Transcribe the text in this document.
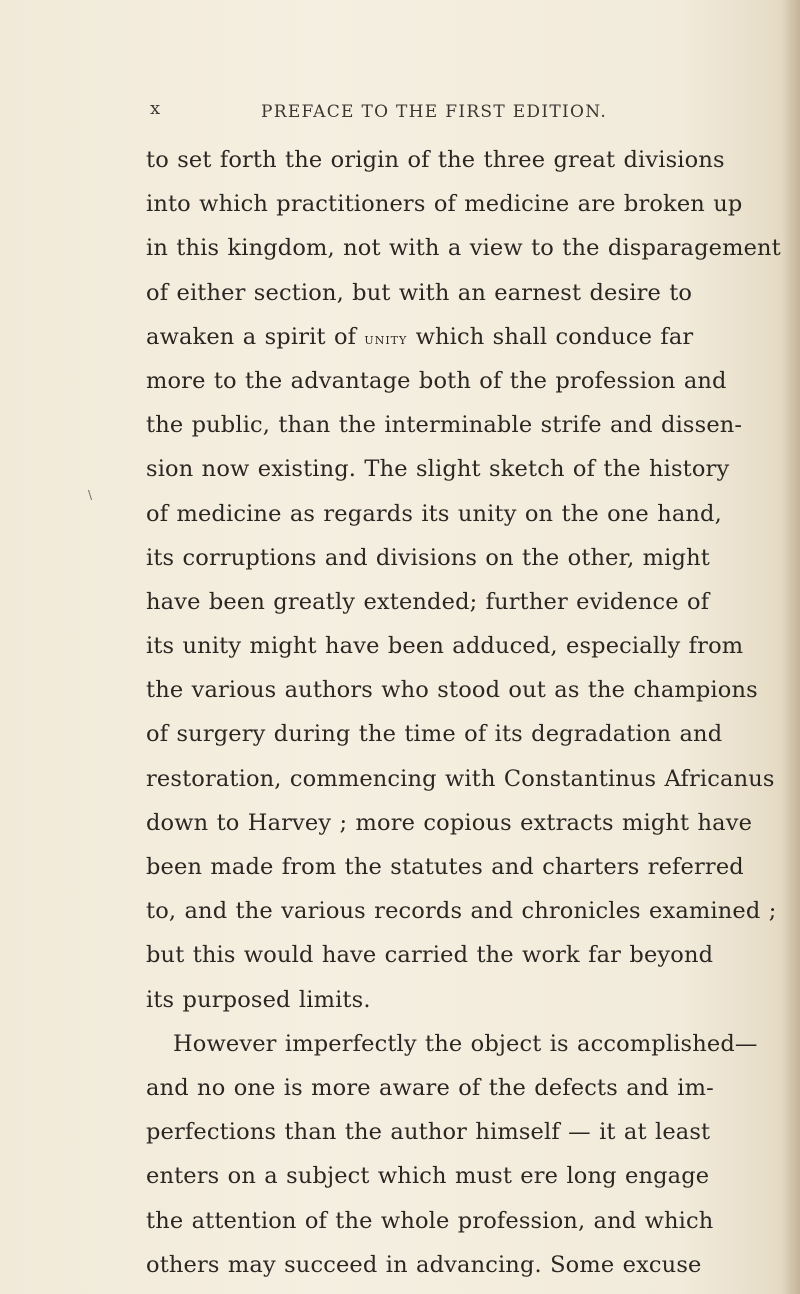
x	PREFACE TO THE FIRST EDITION.
to set forth the origin of the three great divisions
into which practitioners of medicine are broken up
in this kingdom, not with a view to the disparagement
of either section, but with an earnest desire to
awaken a spirit of unity which shall conduce far
more to the advantage both of the profession and
the public, than the interminable strife and dissen-
sion now existing. The slight sketch of the history
of medicine as regards its unity on the one hand,
its corruptions and divisions on the other, might
have been greatly extended; further evidence of
its unity might have been adduced, especially from
the various authors who stood out as the champions
of surgery during the time of its degradation and
restoration, commencing with Constantinus Africanus
down to Harvey ; more copious extracts might have
been made from the statutes and charters referred
to, and the various records and chronicles examined ;
but this would have carried the work far beyond
its purposed limits.
However imperfectly the object is accomplished—
and no one is more aware of the defects and im-
perfections than the author himself — it at least
enters on a subject which must ere long engage
the attention of the whole profession, and which
others may succeed in advancing. Some excuse
\
